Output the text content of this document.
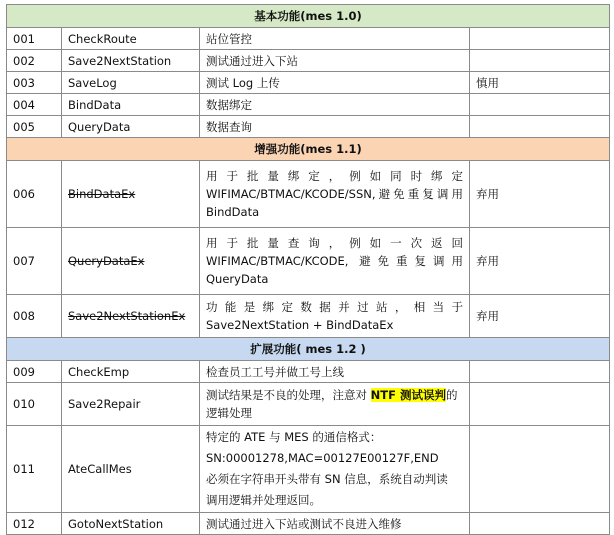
基本功能(mes 1.0)			
001	CheckRoute	站位管控	
002	Save2NextStation	测试通过进入下站	
003	SaveLog	测试 Log 上传	慎用
004	BindData	数据绑定	
005	QueryData	数据查询	
增强功能(mes 1.1)			
006	BindDataEx	用于批量绑定，例如同时绑定
WIFIMAC/BTMAC/KCODE/SSN,避免重复调用
BindData	弃用
007	QueryDataEx	用于批量查询，例如一次返回
WIFIMAC/BTMAC/KCODE, 避免重复调用
QueryData	弃用
008	Save2NextStationEx	功能是绑定数据并过站，相当于
Save2NextStation + BindDataEx	弃用
扩展功能( mes 1.2 )			
009	CheckEmp	检查员工工号并做工号上线	
010	Save2Repair	测试结果是不良的处理，注意对 NTF 测试误判的
逻辑处理	

011	AteCallMes	特定的 ATE 与 MES 的通信格式：
SN:00001278,MAC=00127E00127F,END
必须在字符串开头带有 SN 信息，系统自动判读
调用逻辑并处理返回。	

012	GotoNextStation	测试通过进入下站或测试不良进入维修	
